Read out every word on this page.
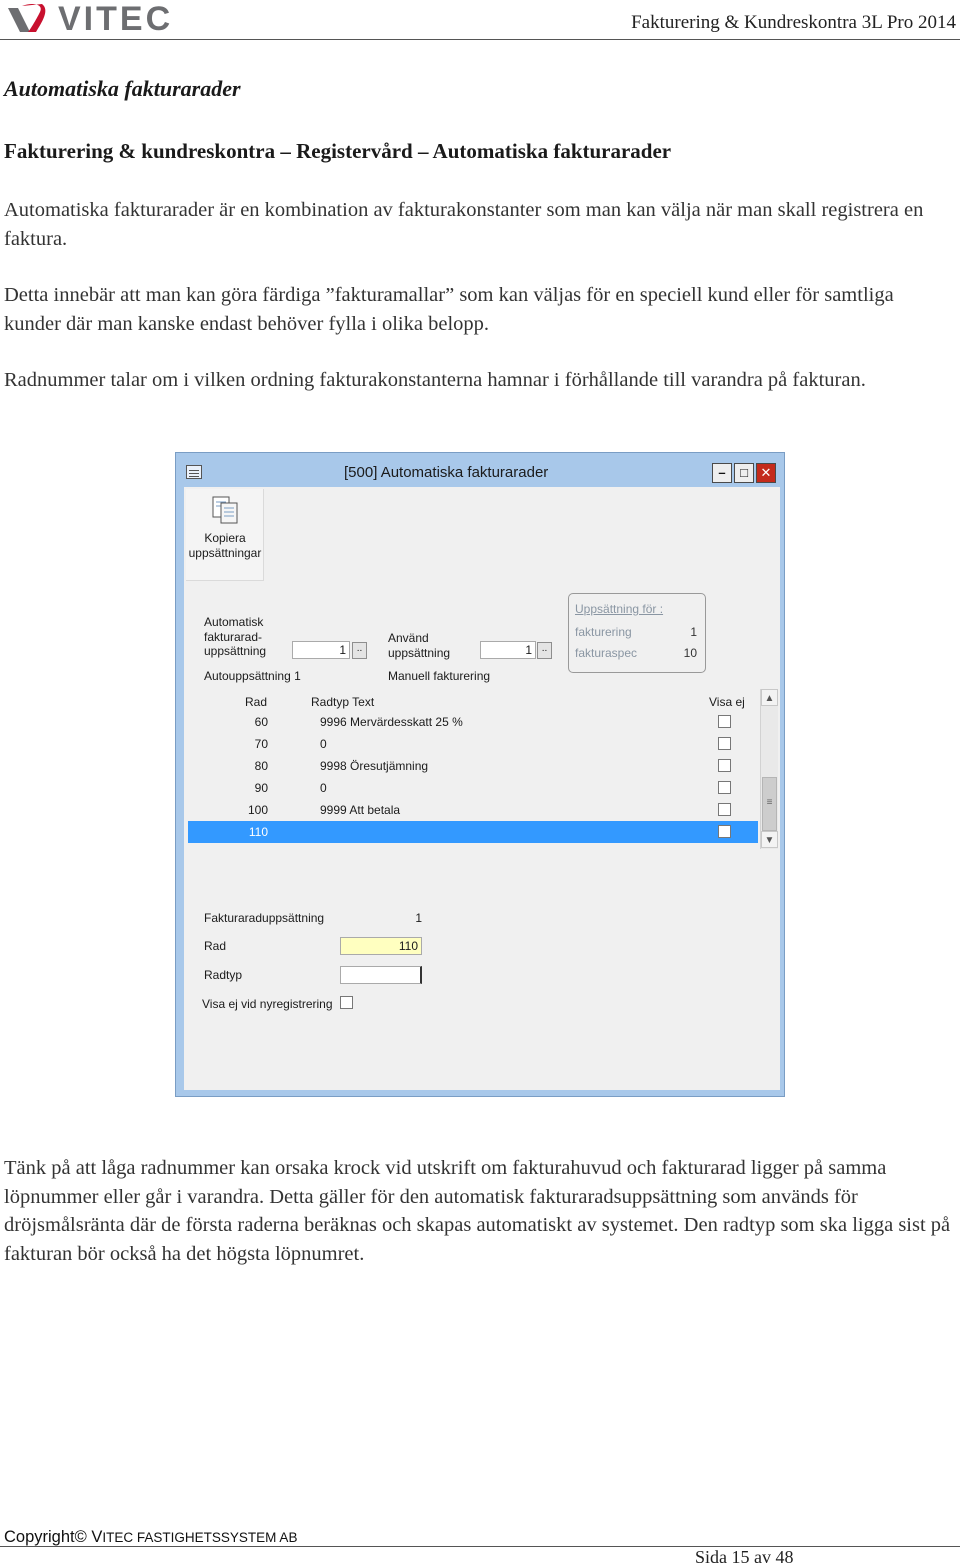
VITEC	Fakturering & Kundreskontra 3L Pro 2014
Automatiska fakturarader
Fakturering & kundreskontra – Registervård – Automatiska fakturarader

Automatiska fakturarader är en kombination av fakturakonstanter som man kan välja när man skall registrera en faktura.

Detta innebär att man kan göra färdiga ”fakturamallar” som kan väljas för en speciell kund eller för samtliga kunder där man kanske endast behöver fylla i olika belopp.

Radnummer talar om i vilken ordning fakturakonstanterna hamnar i förhållande till varandra på fakturan.

[500] Automatiska fakturarader	–	□ ✕
Kopiera
uppsättningar
Automatisk
fakturarad-
uppsättning	1	..
Autouppsättning 1
Använd
uppsättning	1 ..
Manuell fakturering
Uppsättning för :
fakturering	1
fakturaspec	10
Rad	Radtyp Text	Visa ej
60	9996 Mervärdesskatt 25 %
70	0
80	9998 Öresutjämning
90	0
100	9999 Att betala
110
▲
≡
▼
Fakturaraduppsättning	1
Rad	110
Radtyp
Visa ej vid nyregistrering

Tänk på att låga radnummer kan orsaka krock vid utskrift om fakturahuvud och fakturarad ligger på samma löpnummer eller går i varandra. Detta gäller för den automatisk fakturaradsuppsättning som används för dröjsmålsränta där de första raderna beräknas och skapas automatiskt av systemet. Den radtyp som ska ligga sist på fakturan bör också ha det högsta löpnumret.

Copyright© VITEC FASTIGHETSSYSTEM AB
Sida 15 av 48
